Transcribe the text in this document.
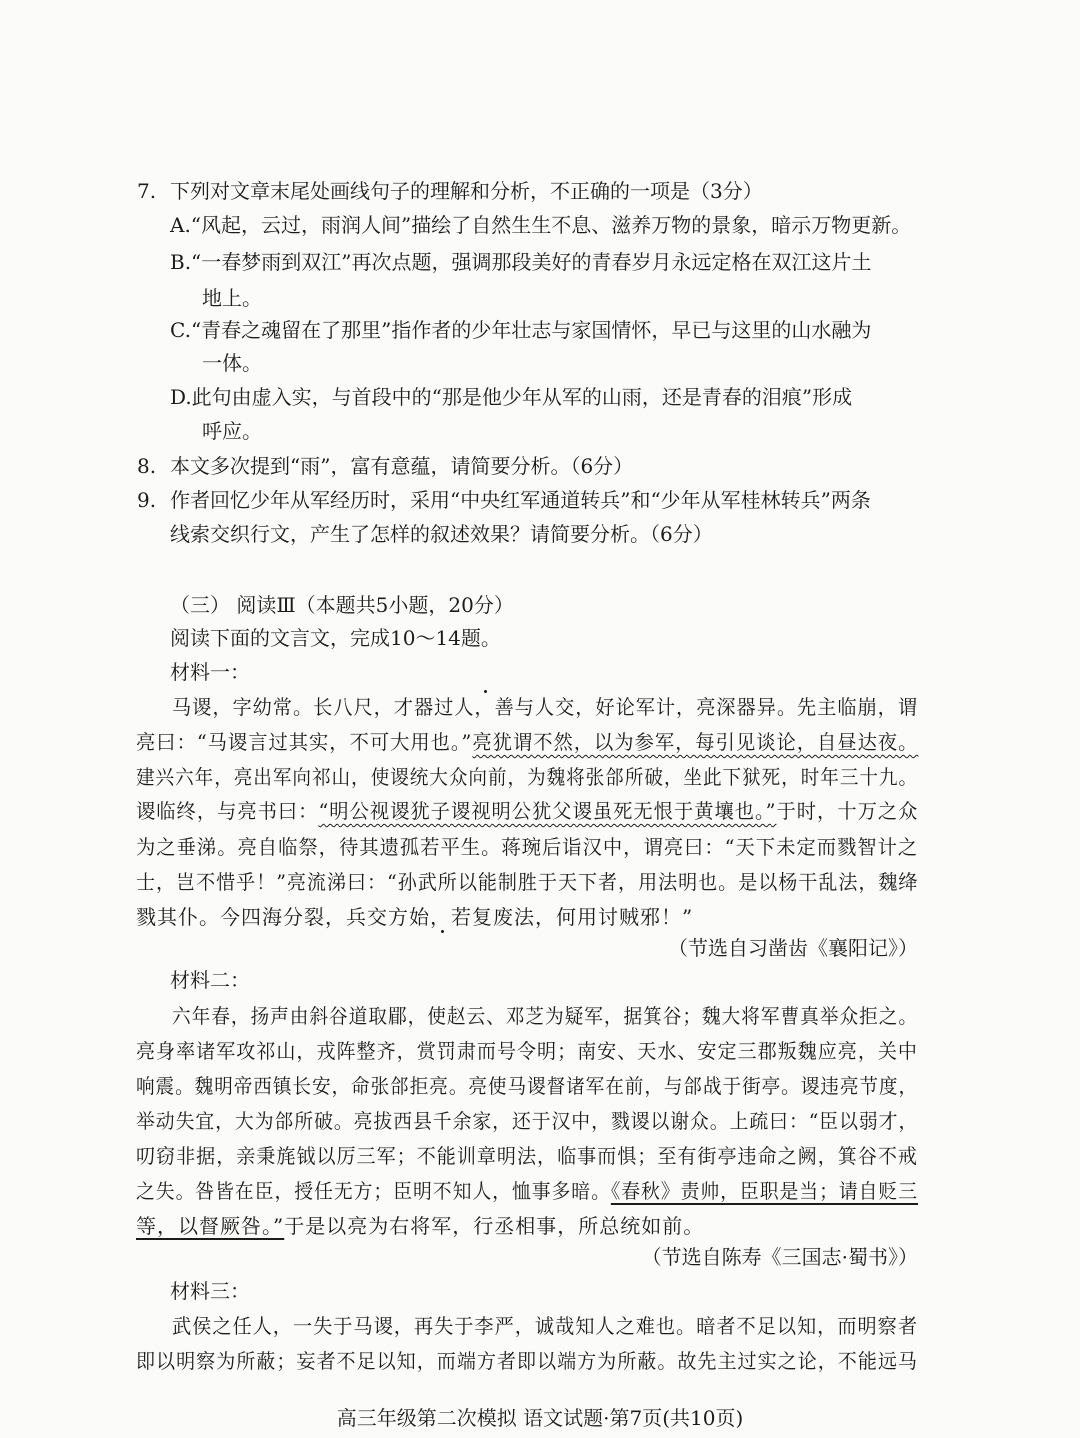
7. 下列对文章末尾处画线句子的理解和分析，不正确的一项是（3分）
A.“风起，云过，雨润人间”描绘了自然生生不息、滋养万物的景象，暗示万物更新。
B.“一春梦雨到双江”再次点题，强调那段美好的青春岁月永远定格在双江这片土
地上。
C.“青春之魂留在了那里”指作者的少年壮志与家国情怀，早已与这里的山水融为
一体。
D.此句由虚入实，与首段中的“那是他少年从军的山雨，还是青春的泪痕”形成
呼应。
8. 本文多次提到“雨”，富有意蕴，请简要分析。（6分）
9. 作者回忆少年从军经历时，采用“中央红军通道转兵”和“少年从军桂林转兵”两条
线索交织行文，产生了怎样的叙述效果？请简要分析。（6分）
（三） 阅读Ⅲ（本题共5小题，20分）
阅读下面的文言文，完成10～14题。
材料一：
马谡，字幼常。长八尺，才器过人，善与人交，好论军计，亮深器异。先主临崩，谓
亮曰：“马谡言过其实，不可大用也。”亮犹谓不然，以为参军，每引见谈论，自昼达夜。
建兴六年，亮出军向祁山，使谡统大众向前，为魏将张郃所破，坐此下狱死，时年三十九。
谡临终，与亮书曰：“明公视谡犹子谡视明公犹父谡虽死无恨于黄壤也。”于时，十万之众
为之垂涕。亮自临祭，待其遗孤若平生。蒋琬后诣汉中，谓亮曰：“天下未定而戮智计之
士，岂不惜乎！”亮流涕曰：“孙武所以能制胜于天下者，用法明也。是以杨干乱法，魏绛
戮其仆。今四海分裂，兵交方始，若复废法，何用讨贼邪！”
（节选自习凿齿《襄阳记》）
材料二：
六年春，扬声由斜谷道取郿，使赵云、邓芝为疑军，据箕谷；魏大将军曹真举众拒之。
亮身率诸军攻祁山，戎阵整齐，赏罚肃而号令明；南安、天水、安定三郡叛魏应亮，关中
响震。魏明帝西镇长安，命张郃拒亮。亮使马谡督诸军在前，与郃战于街亭。谡违亮节度，
举动失宜，大为郃所破。亮拔西县千余家，还于汉中，戮谡以谢众。上疏曰：“臣以弱才，
叨窃非据，亲秉旄钺以厉三军；不能训章明法，临事而惧；至有街亭违命之阙，箕谷不戒
之失。咎皆在臣，授任无方；臣明不知人，恤事多暗。《春秋》责帅，臣职是当；请自贬三
等，以督厥咎。”于是以亮为右将军，行丞相事，所总统如前。
（节选自陈寿《三国志·蜀书》）
材料三：
武侯之任人，一失于马谡，再失于李严，诚哉知人之难也。暗者不足以知，而明察者
即以明察为所蔽；妄者不足以知，而端方者即以端方为所蔽。故先主过实之论，不能远马
高三年级第二次模拟 语文试题·第7页(共10页)
